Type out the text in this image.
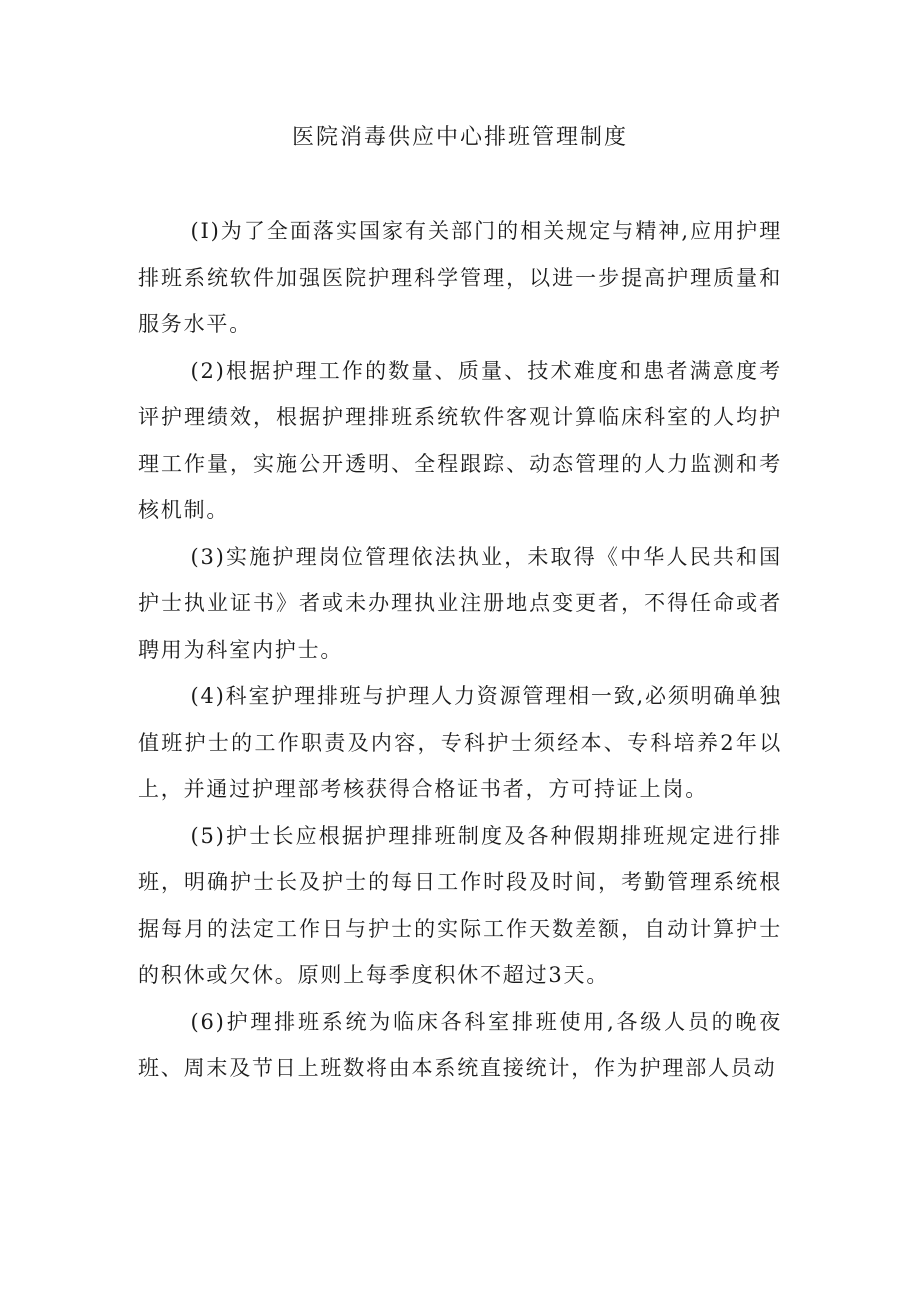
医院消毒供应中心排班管理制度

(I)为了全面落实国家有关部门的相关规定与精神,应用护理排班系统软件加强医院护理科学管理，以进一步提高护理质量和服务水平。

(2)根据护理工作的数量、质量、技术难度和患者满意度考评护理绩效，根据护理排班系统软件客观计算临床科室的人均护理工作量，实施公开透明、全程跟踪、动态管理的人力监测和考核机制。

(3)实施护理岗位管理依法执业，未取得《中华人民共和国护士执业证书》者或未办理执业注册地点变更者，不得任命或者聘用为科室内护士。

(4)科室护理排班与护理人力资源管理相一致,必须明确单独值班护士的工作职责及内容，专科护士须经本、专科培养2年以上，并通过护理部考核获得合格证书者，方可持证上岗。

(5)护士长应根据护理排班制度及各种假期排班规定进行排班，明确护士长及护士的每日工作时段及时间，考勤管理系统根据每月的法定工作日与护士的实际工作天数差额，自动计算护士的积休或欠休。原则上每季度积休不超过3天。

(6)护理排班系统为临床各科室排班使用,各级人员的晚夜班、周末及节日上班数将由本系统直接统计，作为护理部人员动
